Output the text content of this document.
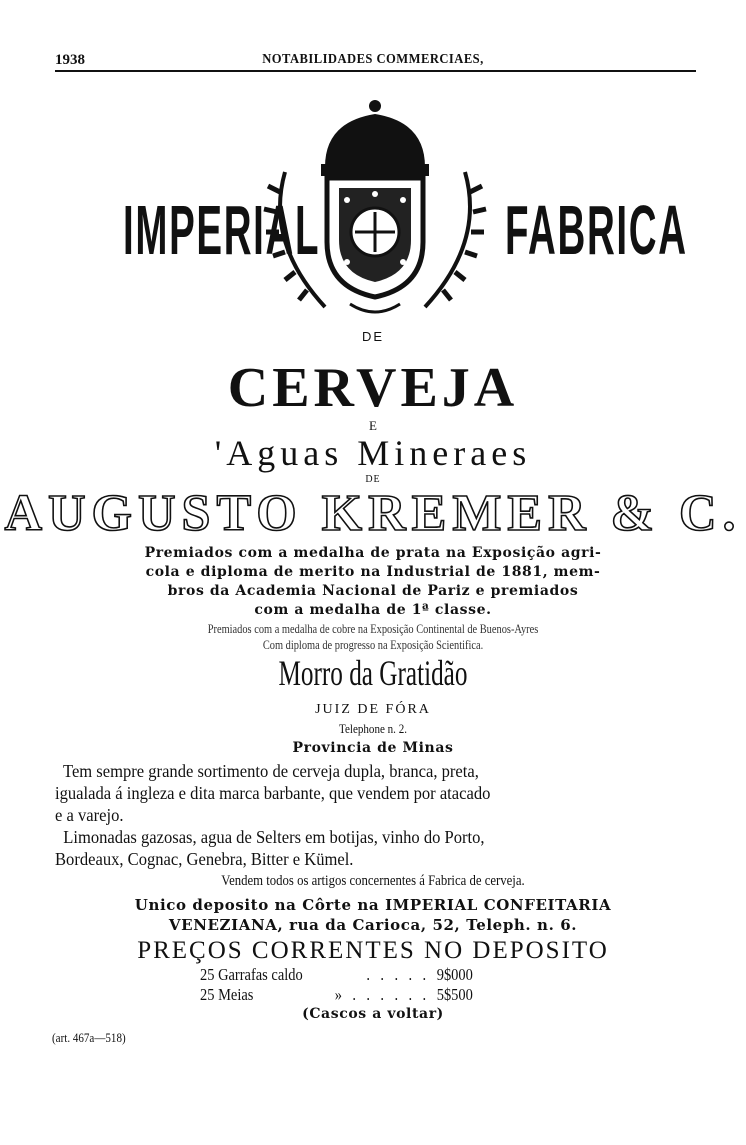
1938	NOTABILIDADES COMMERCIAES,
IMPERIAL	FABRICA
DE
CERVEJA
E
'Aguas Mineraes
DE
AUGUSTO KREMER & C.
Premiados com a medalha de prata na Exposição agri-
cola e diploma de merito na Industrial de 1881, mem-
bros da Academia Nacional de Pariz e premiados
com a medalha de 1ª classe.
Premiados com a medalha de cobre na Exposição Continental de Buenos-Ayres
Com diploma de progresso na Exposição Scientifica.
Morro da Gratidão
JUIZ DE FÓRA
Telephone n. 2.
Provincia de Minas
Tem sempre grande sortimento de cerveja dupla, branca, preta,
igualada á ingleza e dita marca barbante, que vendem por atacado
e a varejo.
Limonadas gazosas, agua de Selters em botijas, vinho do Porto,
Bordeaux, Cognac, Genebra, Bitter e Kümel.
Vendem todos os artigos concernentes á Fabrica de cerveja.
Unico deposito na Côrte na IMPERIAL CONFEITARIA
VENEZIANA, rua da Carioca, 52, Teleph. n. 6.
PREÇOS CORRENTES NO DEPOSITO
25 Garrafas caldo	. . . . . 9$000
25 Meias	» . . . . . . 5$500
(Cascos a voltar)
(art. 467a—518)
